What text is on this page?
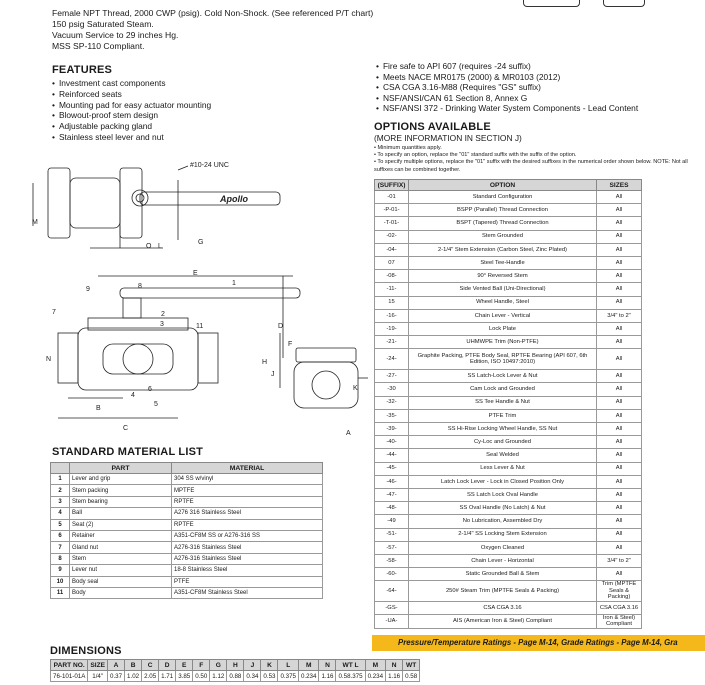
Female NPT Thread, 2000 CWP (psig). Cold Non-Shock. (See referenced P/T chart)
150 psig Saturated Steam.
Vacuum Service to 29 inches Hg.
MSS SP-110 Compliant.
FEATURES
• Investment cast components
• Reinforced seats
• Mounting pad for easy actuator mounting
• Blowout-proof stem design
• Adjustable packing gland
• Stainless steel lever and nut
• Fire safe to API 607 (requires -24 suffix)
• Meets NACE MR0175 (2000) & MR0103 (2012)
• CSA CGA 3.16-M88 (Requires "GS" suffix)
• NSF/ANSI/CAN 61 Section 8, Annex G
• NSF/ANSI 372 - Drinking Water System Components - Lead Content
OPTIONS AVAILABLE
(MORE INFORMATION IN SECTION J)
• Minimum quantities apply.
• To specify an option, replace the "01" standard suffix with the suffix of the option.
• To specify multiple options, replace the "01" suffix with the desired suffixes in the numerical order shown below. NOTE: Not all suffixes can be combined together.
(SUFFIX)	OPTION	SIZES
-01	Standard Configuration	All
-P-01-	BSPP (Parallel) Thread Connection	All
-T-01-	BSPT (Tapered) Thread Connection	All
-02-	Stem Grounded	All
-04-	2-1/4" Stem Extension (Carbon Steel, Zinc Plated)	All
07	Steel Tee-Handle	All
-08-	90° Reversed Stem	All
-11-	Side Vented Ball (Uni-Directional)	All
15	Wheel Handle, Steel	All
-16-	Chain Lever - Vertical	3/4" to 2"
-19-	Lock Plate	All
-21-	UHMWPE Trim (Non-PTFE)	All
-24-	Graphite Packing, PTFE Body Seal, RPTFE Bearing (API 607, 6th Edition, ISO 10497:2010)	All
-27-	SS Latch-Lock Lever & Nut	All
-30	Cam Lock and Grounded	All
-32-	SS Tee Handle & Nut	All
-35-	PTFE Trim	All
-39-	SS Hi-Rise Locking Wheel Handle, SS Nut	All
-40-	Cy-Loc and Grounded	All
-44-	Seal Welded	All
-45-	Less Lever & Nut	All
-46-	Latch Lock Lever - Lock in Closed Position Only	All
-47-	SS Latch Lock Oval Handle	All
-48-	SS Oval Handle (No Latch) & Nut	All
-49	No Lubrication, Assembled Dry	All
-51-	2-1/4" SS Locking Stem Extension	All
-57-	Oxygen Cleaned	All
-58-	Chain Lever - Horizontal	3/4" to 2"
-60-	Static Grounded Ball & Stem	All
-64-	250# Steam Trim (MPTFE Seals & Packing)	Trim (MPTFE Seals & Packing)
-GS-	CSA CGA 3.16	CSA CGA 3.16
-UA-	AIS (American Iron & Steel) Compliant	Iron & Steel) Compliant
Pressure/Temperature Ratings - Page M-14, Grade Ratings - Page M-14, Gra
Apollo
#10-24 UNC
M
O L
G
E
N
B
C
D
H
J
K
A
F
1
2
3
4
5
6
7
8
9
11
STANDARD MATERIAL LIST
	PART	MATERIAL
1	Lever and grip	304 SS w/vinyl
2	Stem packing	MPTFE
3	Stem bearing	RPTFE
4	Ball	A276 316 Stainless Steel
5	Seat (2)	RPTFE
6	Retainer	A351-CF8M SS or A276-316 SS
7	Gland nut	A276-316 Stainless Steel
8	Stem	A276-316 Stainless Steel
9	Lever nut	18-8 Stainless Steel
10	Body seal	PTFE
11	Body	A351-CF8M Stainless Steel
DIMENSIONS
PART NO.	SIZE	A	B	C	D	E	F	G	H	J	K	L	M	N	WT L	M	N	WT
76-101-01A	1/4"	0.37	1.02	2.05	1.71	3.85	0.50	1.12	0.88	0.34	0.53	0.375	0.234	1.16	0.58.375	0.234	1.16	0.58
